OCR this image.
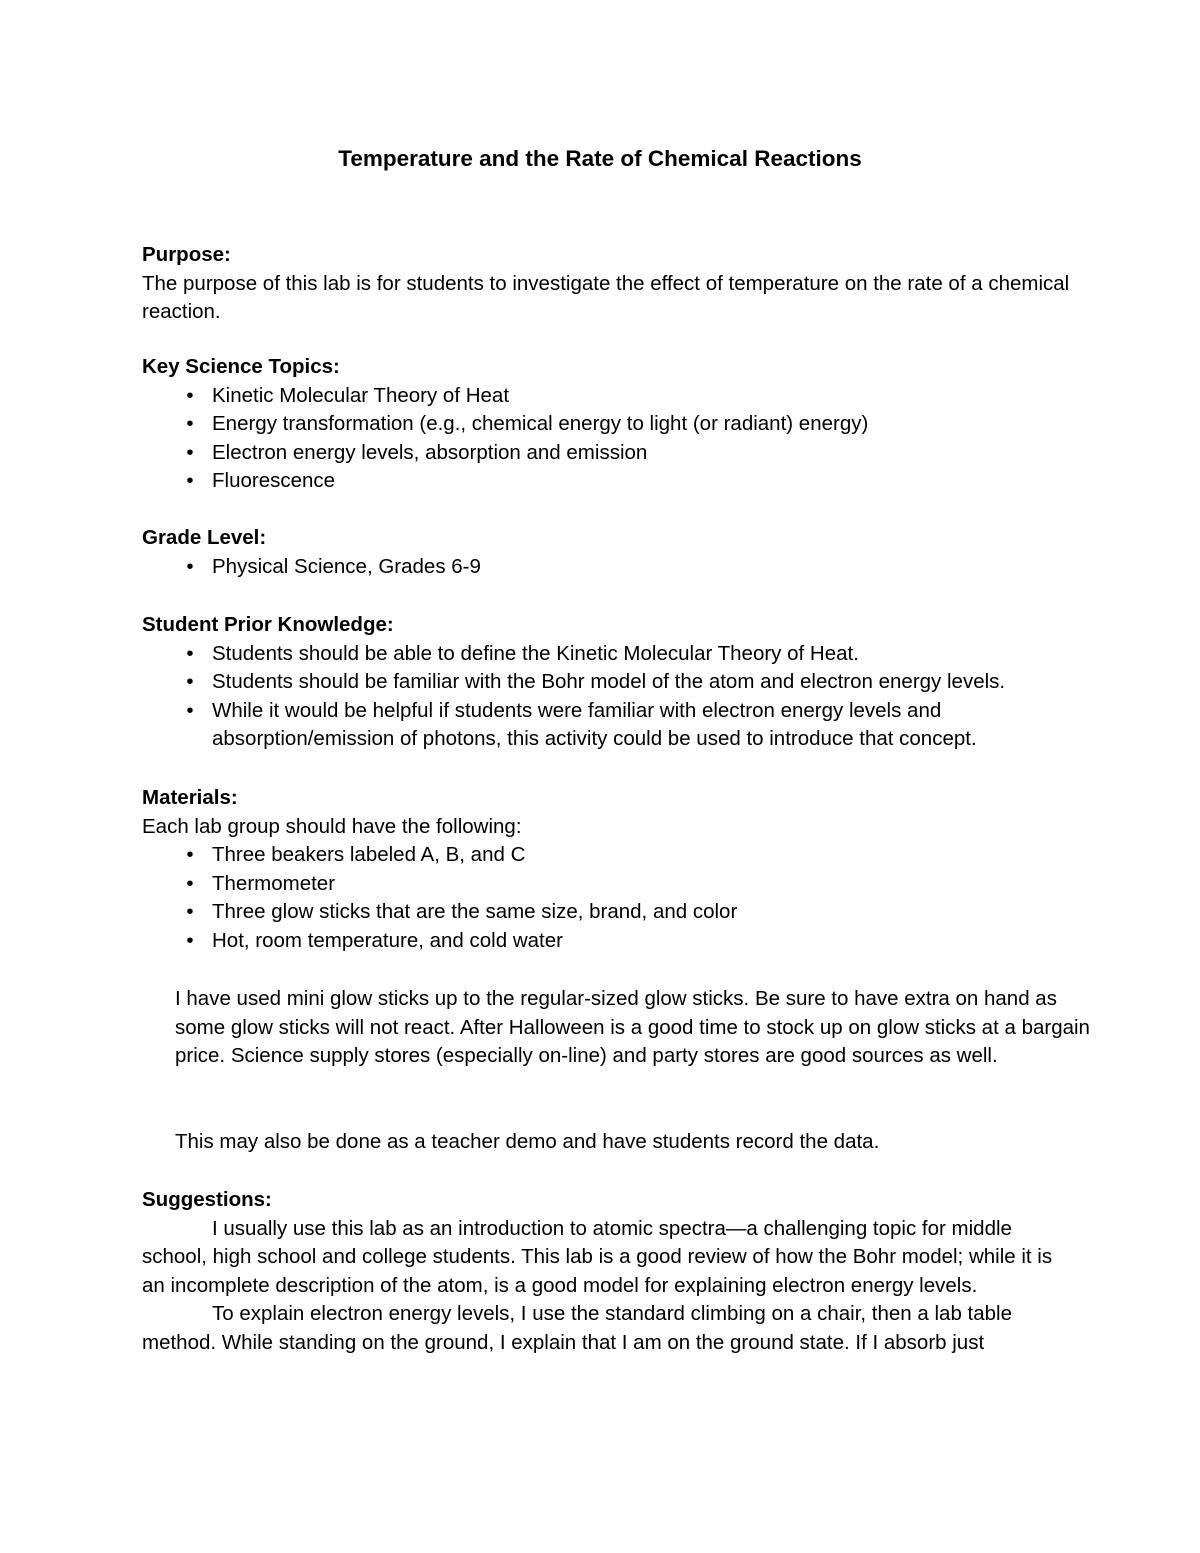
Temperature and the Rate of Chemical Reactions

Purpose:

The purpose of this lab is for students to investigate the effect of temperature on the rate of a chemical reaction.

Key Science Topics:

• Kinetic Molecular Theory of Heat
• Energy transformation (e.g., chemical energy to light (or radiant) energy)
• Electron energy levels, absorption and emission
• Fluorescence

Grade Level:

• Physical Science, Grades 6-9

Student Prior Knowledge:

• Students should be able to define the Kinetic Molecular Theory of Heat.
• Students should be familiar with the Bohr model of the atom and electron energy levels.
• While it would be helpful if students were familiar with electron energy levels and absorption/emission of photons, this activity could be used to introduce that concept.

Materials:

Each lab group should have the following:

• Three beakers labeled A, B, and C
• Thermometer
• Three glow sticks that are the same size, brand, and color
• Hot, room temperature, and cold water

I have used mini glow sticks up to the regular-sized glow sticks. Be sure to have extra on hand as some glow sticks will not react. After Halloween is a good time to stock up on glow sticks at a bargain price. Science supply stores (especially on-line) and party stores are good sources as well.

This may also be done as a teacher demo and have students record the data.

Suggestions:

I usually use this lab as an introduction to atomic spectra—a challenging topic for middle school, high school and college students. This lab is a good review of how the Bohr model; while it is an incomplete description of the atom, is a good model for explaining electron energy levels.

To explain electron energy levels, I use the standard climbing on a chair, then a lab table method. While standing on the ground, I explain that I am on the ground state. If I absorb just
